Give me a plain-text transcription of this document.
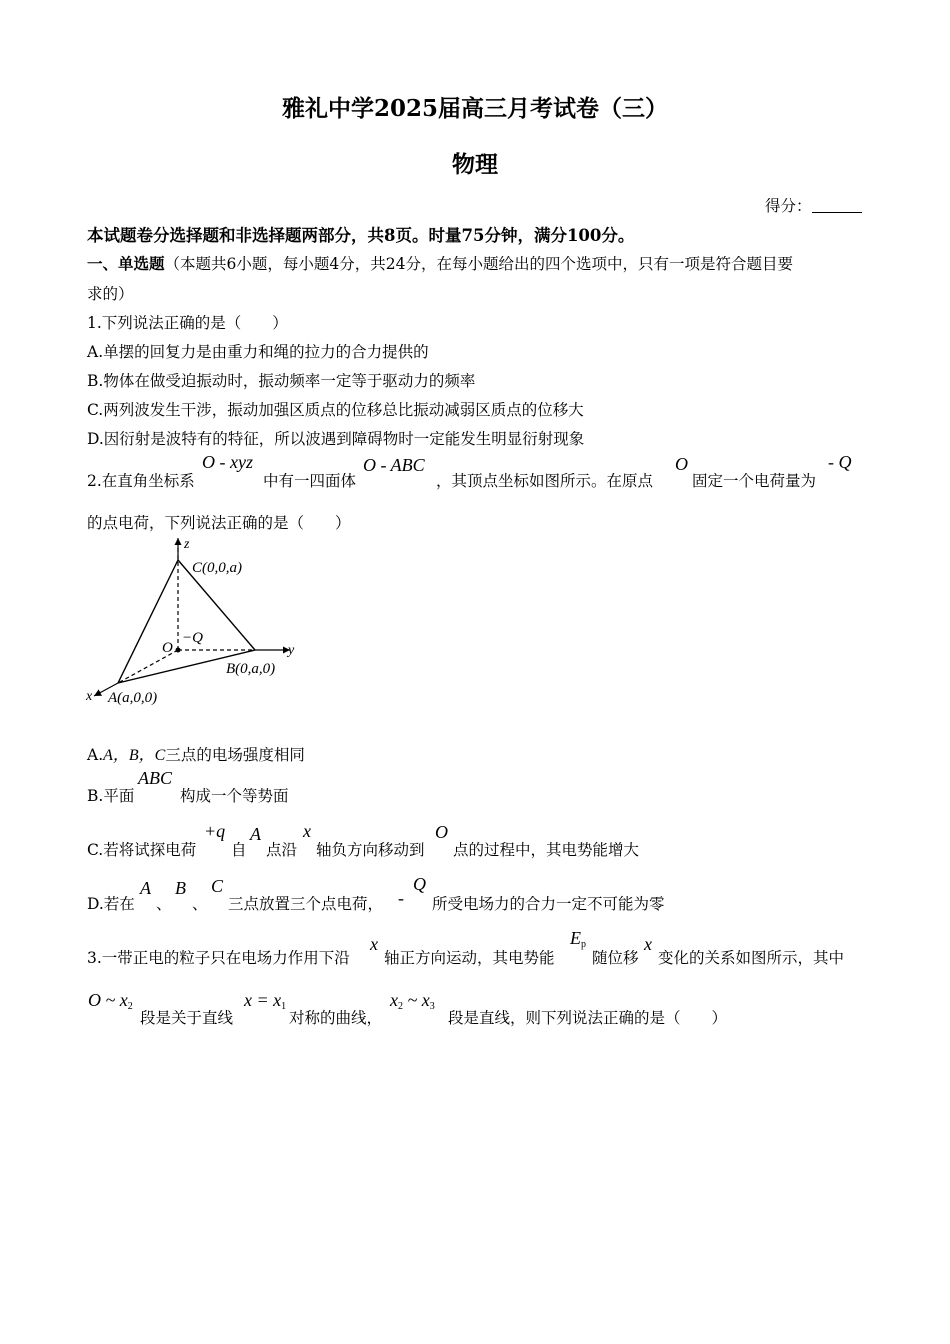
雅礼中学2025届高三月考试卷（三）
物理
得分：
本试题卷分选择题和非选择题两部分，共8页。时量75分钟，满分100分。
一、单选题（本题共6小题，每小题4分，共24分，在每小题给出的四个选项中，只有一项是符合题目要
求的）
1.下列说法正确的是（　　）
A.单摆的回复力是由重力和绳的拉力的合力提供的
B.物体在做受迫振动时，振动频率一定等于驱动力的频率
C.两列波发生干涉，振动加强区质点的位移总比振动减弱区质点的位移大
D.因衍射是波特有的特征，所以波遇到障碍物时一定能发生明显衍射现象
2.在直角坐标系
O - xyz
中有一四面体
O - ABC
，其顶点坐标如图所示。在原点
O
固定一个电荷量为
- Q
的点电荷，下列说法正确的是（　　）
z
y
x
O
−Q
C(0,0,a)
B(0,a,0)
A(a,0,0)
A.A，B，C三点的电场强度相同
B.平面
ABC
构成一个等势面
C.若将试探电荷
+q
自
A
点沿
x
轴负方向移动到
O
点的过程中，其电势能增大
D.若在
A
、
B
、
C
三点放置三个点电荷， -
Q
所受电场力的合力一定不可能为零
3.一带正电的粒子只在电场力作用下沿
x
轴正方向运动，其电势能
$E_p$
随位移
x
变化的关系如图所示，其中
O ~ $x_2$
段是关于直线
$x = x_1$
对称的曲线，
$x_2$ ~ $x_3$
段是直线，则下列说法正确的是（　　）
